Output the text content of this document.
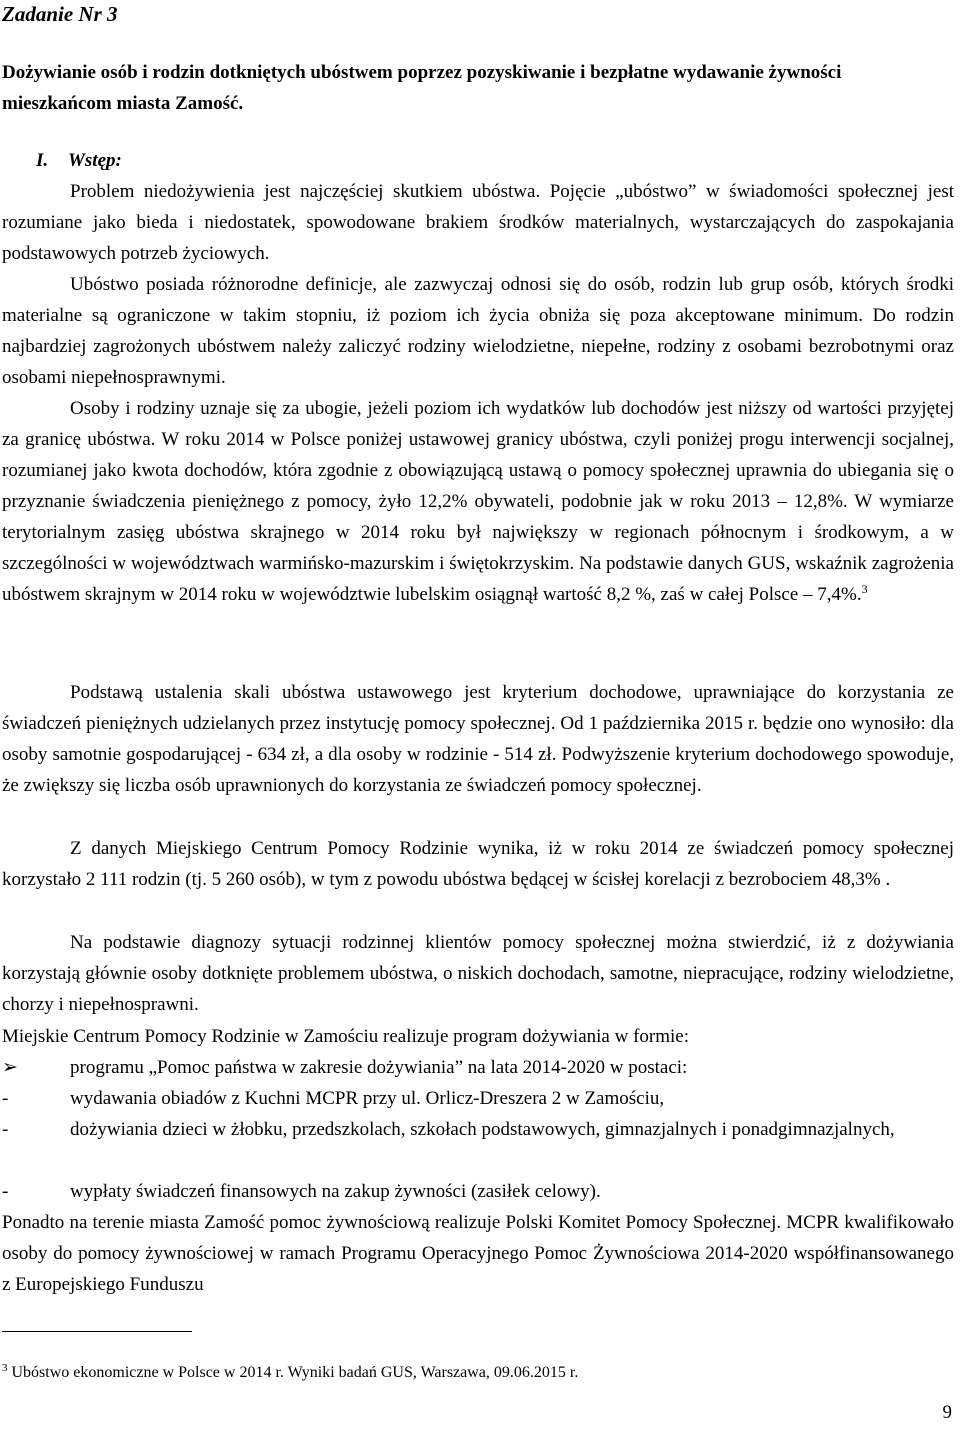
Zadanie Nr 3

Dożywianie osób i rodzin dotkniętych ubóstwem poprzez pozyskiwanie i bezpłatne wydawanie żywności mieszkańcom miasta Zamość.

I. Wstęp:

Problem niedożywienia jest najczęściej skutkiem ubóstwa. Pojęcie „ubóstwo” w świadomości społecznej jest rozumiane jako bieda i niedostatek, spowodowane brakiem środków materialnych, wystarczających do zaspokajania podstawowych potrzeb życiowych.

Ubóstwo posiada różnorodne definicje, ale zazwyczaj odnosi się do osób, rodzin lub grup osób, których środki materialne są ograniczone w takim stopniu, iż poziom ich życia obniża się poza akceptowane minimum. Do rodzin najbardziej zagrożonych ubóstwem należy zaliczyć rodziny wielodzietne, niepełne, rodziny z osobami bezrobotnymi oraz osobami niepełnosprawnymi.

Osoby i rodziny uznaje się za ubogie, jeżeli poziom ich wydatków lub dochodów jest niższy od wartości przyjętej za granicę ubóstwa. W roku 2014 w Polsce poniżej ustawowej granicy ubóstwa, czyli poniżej progu interwencji socjalnej, rozumianej jako kwota dochodów, która zgodnie z obowiązującą ustawą o pomocy społecznej uprawnia do ubiegania się o przyznanie świadczenia pieniężnego z pomocy, żyło 12,2% obywateli, podobnie jak w roku 2013 – 12,8%. W wymiarze terytorialnym zasięg ubóstwa skrajnego w 2014 roku był największy w regionach północnym i środkowym, a w szczególności w województwach warmińsko-mazurskim i świętokrzyskim. Na podstawie danych GUS, wskaźnik zagrożenia ubóstwem skrajnym w 2014 roku w województwie lubelskim osiągnął wartość 8,2 %, zaś w całej Polsce – 7,4%.$^3$

Podstawą ustalenia skali ubóstwa ustawowego jest kryterium dochodowe, uprawniające do korzystania ze świadczeń pieniężnych udzielanych przez instytucję pomocy społecznej. Od 1 października 2015 r. będzie ono wynosiło: dla osoby samotnie gospodarującej - 634 zł, a dla osoby w rodzinie - 514 zł. Podwyższenie kryterium dochodowego spowoduje, że zwiększy się liczba osób uprawnionych do korzystania ze świadczeń pomocy społecznej.

Z danych Miejskiego Centrum Pomocy Rodzinie wynika, iż w roku 2014 ze świadczeń pomocy społecznej korzystało 2 111 rodzin (tj. 5 260 osób), w tym z powodu ubóstwa będącej w ścisłej korelacji z bezrobociem 48,3% .

Na podstawie diagnozy sytuacji rodzinnej klientów pomocy społecznej można stwierdzić, iż z dożywiania korzystają głównie osoby dotknięte problemem ubóstwa, o niskich dochodach, samotne, niepracujące, rodziny wielodzietne, chorzy i niepełnosprawni.

Miejskie Centrum Pomocy Rodzinie w Zamościu realizuje program dożywiania w formie:

➢	programu „Pomoc państwa w zakresie dożywiania” na lata 2014-2020 w postaci:
-	wydawania obiadów z Kuchni MCPR przy ul. Orlicz-Dreszera 2 w Zamościu,
-	dożywiania dzieci w żłobku, przedszkolach, szkołach podstawowych, gimnazjalnych i ponadgimnazjalnych,
-	wypłaty świadczeń finansowych na zakup żywności (zasiłek celowy).

Ponadto na terenie miasta Zamość pomoc żywnościową realizuje Polski Komitet Pomocy Społecznej. MCPR kwalifikowało osoby do pomocy żywnościowej w ramach Programu Operacyjnego Pomoc Żywnościowa 2014-2020 współfinansowanego z Europejskiego Funduszu

$^3$ Ubóstwo ekonomiczne w Polsce w 2014 r. Wyniki badań GUS, Warszawa, 09.06.2015 r.

9
